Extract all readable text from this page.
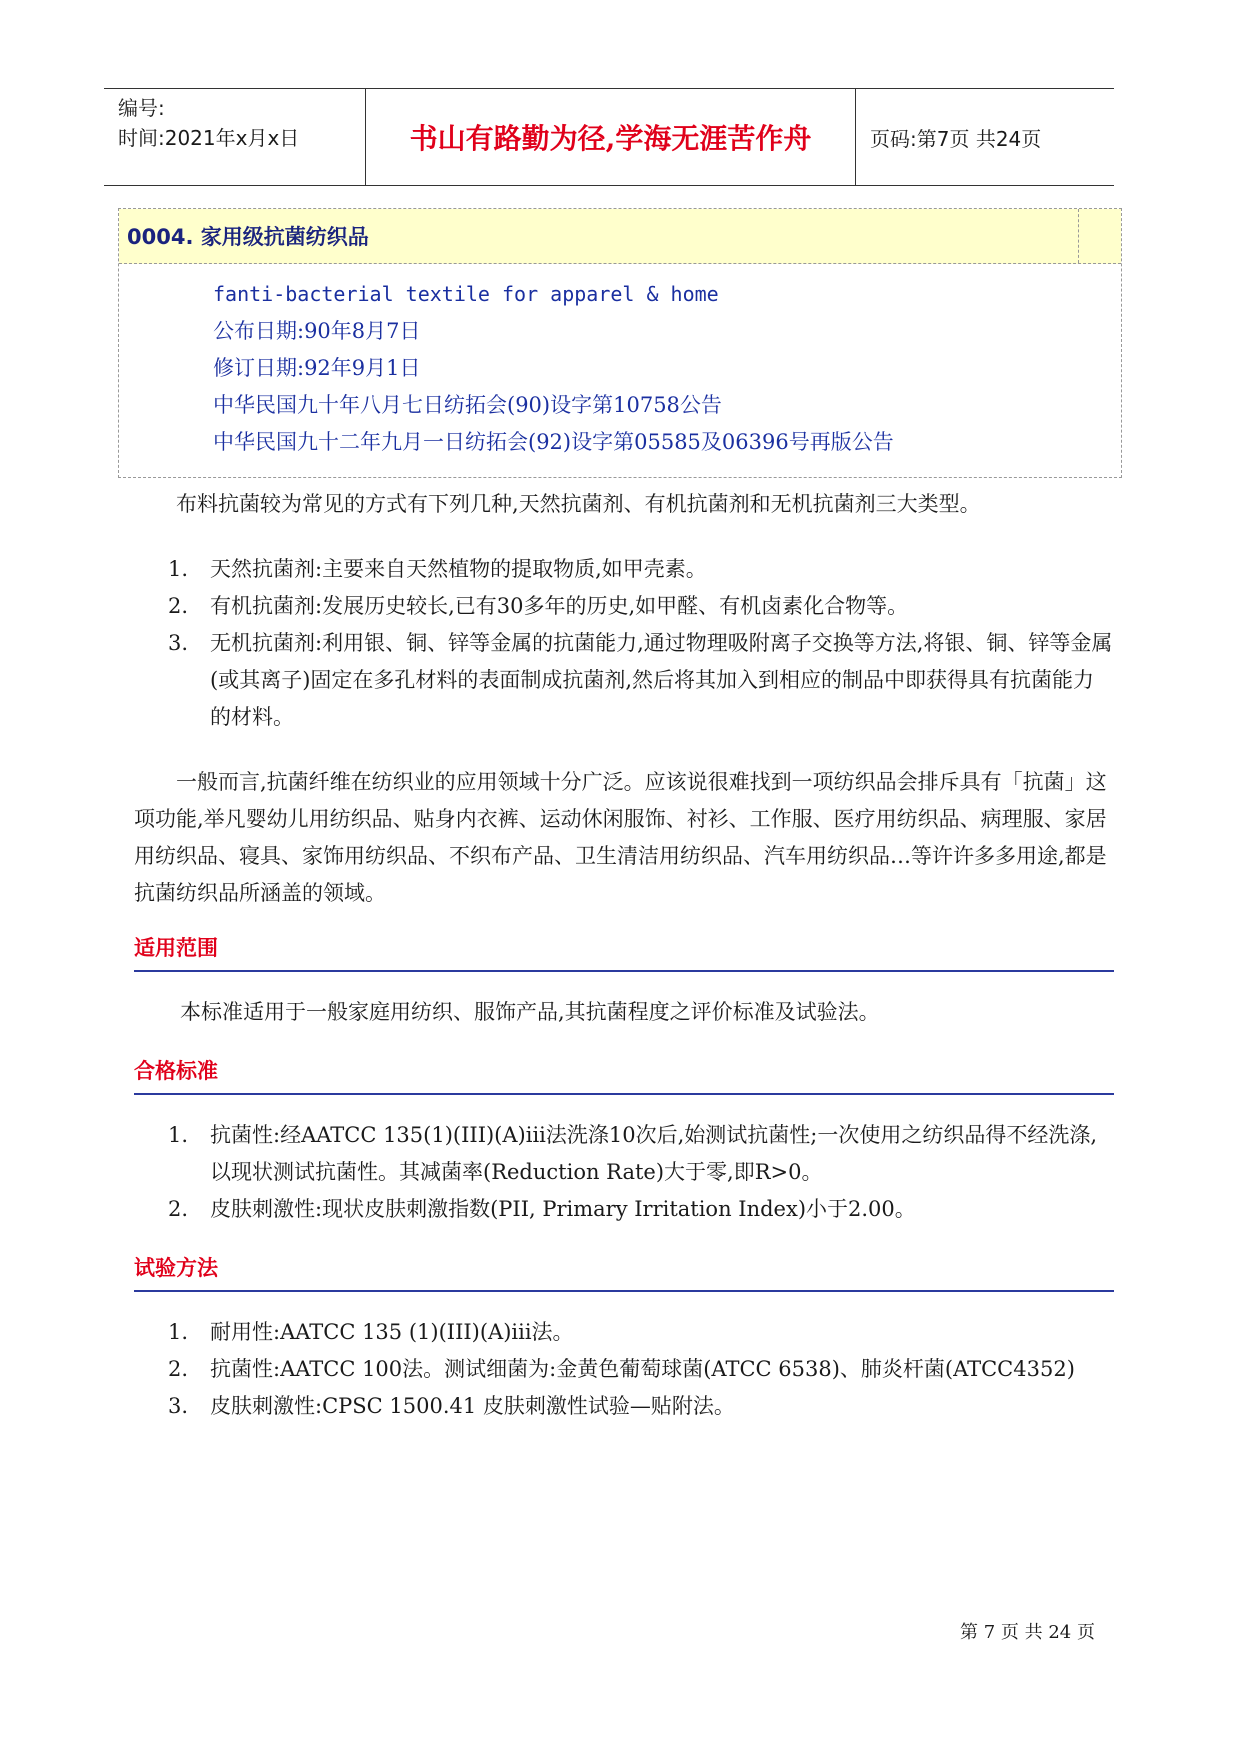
编号:
时间:2021年x月x日	书山有路勤为径,学海无涯苦作舟	页码:第7页 共24页
0004. 家用级抗菌纺织品
fanti-bacterial textile for apparel & home
公布日期:90年8月7日
修订日期:92年9月1日
中华民国九十年八月七日纺拓会(90)设字第10758公告
中华民国九十二年九月一日纺拓会(92)设字第05585及06396号再版公告

布料抗菌较为常见的方式有下列几种,天然抗菌剂、有机抗菌剂和无机抗菌剂三大类型。

1. 天然抗菌剂:主要来自天然植物的提取物质,如甲壳素。
2. 有机抗菌剂:发展历史较长,已有30多年的历史,如甲醛、有机卤素化合物等。
3. 无机抗菌剂:利用银、铜、锌等金属的抗菌能力,通过物理吸附离子交换等方法,将银、铜、锌等金属(或其离子)固定在多孔材料的表面制成抗菌剂,然后将其加入到相应的制品中即获得具有抗菌能力的材料。

一般而言,抗菌纤维在纺织业的应用领域十分广泛。应该说很难找到一项纺织品会排斥具有「抗菌」这项功能,举凡婴幼儿用纺织品、贴身内衣裤、运动休闲服饰、衬衫、工作服、医疗用纺织品、病理服、家居用纺织品、寝具、家饰用纺织品、不织布产品、卫生清洁用纺织品、汽车用纺织品…等许许多多用途,都是抗菌纺织品所涵盖的领域。

适用范围

本标准适用于一般家庭用纺织、服饰产品,其抗菌程度之评价标准及试验法。

合格标准
1. 抗菌性:经AATCC 135(1)(III)(A)iii法洗涤10次后,始测试抗菌性;一次使用之纺织品得不经洗涤,以现状测试抗菌性。其减菌率(Reduction Rate)大于零,即R>0。
2. 皮肤刺激性:现状皮肤刺激指数(PII, Primary Irritation Index)小于2.00。
试验方法
1. 耐用性:AATCC 135 (1)(III)(A)iii法。
2. 抗菌性:AATCC 100法。测试细菌为:金黄色葡萄球菌(ATCC 6538)、肺炎杆菌(ATCC4352)
3. 皮肤刺激性:CPSC 1500.41 皮肤刺激性试验—贴附法。
第 7 页 共 24 页
